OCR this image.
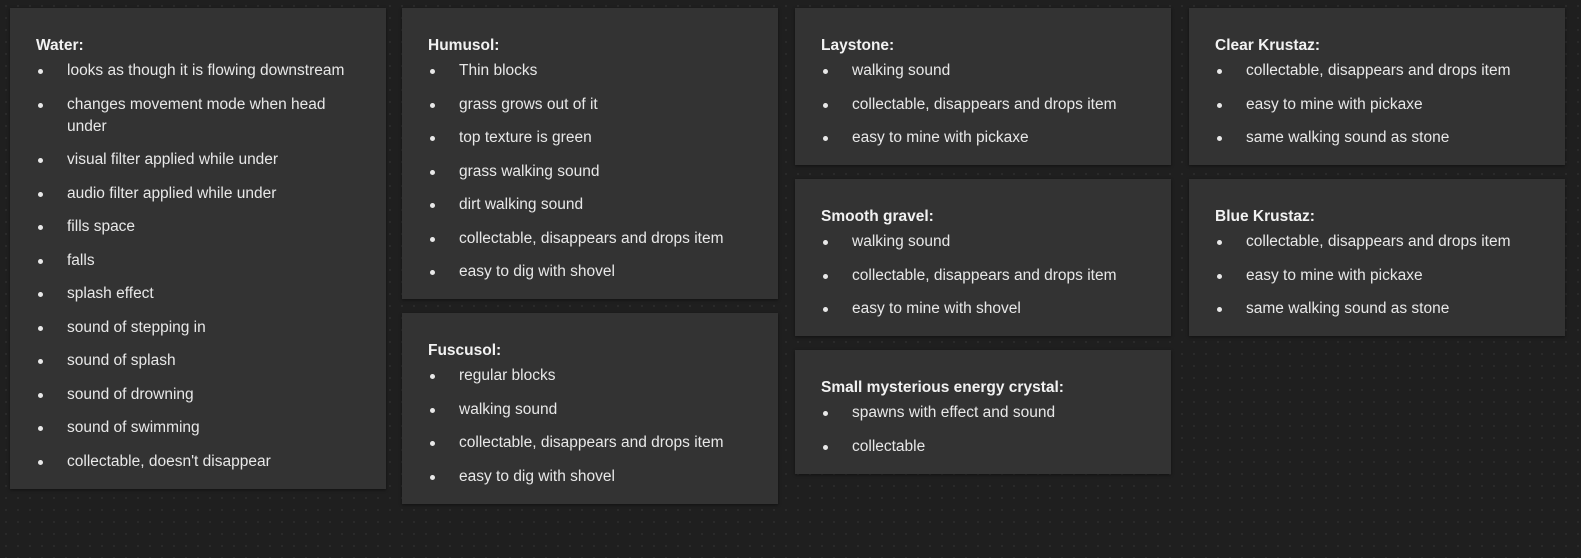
Water:
looks as though it is flowing downstream
changes movement mode when head under
visual filter applied while under
audio filter applied while under
fills space
falls
splash effect
sound of stepping in
sound of splash
sound of drowning
sound of swimming
collectable, doesn't disappear
Humusol:
Thin blocks
grass grows out of it
top texture is green
grass walking sound
dirt walking sound
collectable, disappears and drops item
easy to dig with shovel
Fuscusol:
regular blocks
walking sound
collectable, disappears and drops item
easy to dig with shovel
Laystone:
walking sound
collectable, disappears and drops item
easy to mine with pickaxe
Smooth gravel:
walking sound
collectable, disappears and drops item
easy to mine with shovel
Small mysterious energy crystal:
spawns with effect and sound
collectable
Clear Krustaz:
collectable, disappears and drops item
easy to mine with pickaxe
same walking sound as stone
Blue Krustaz:
collectable, disappears and drops item
easy to mine with pickaxe
same walking sound as stone
